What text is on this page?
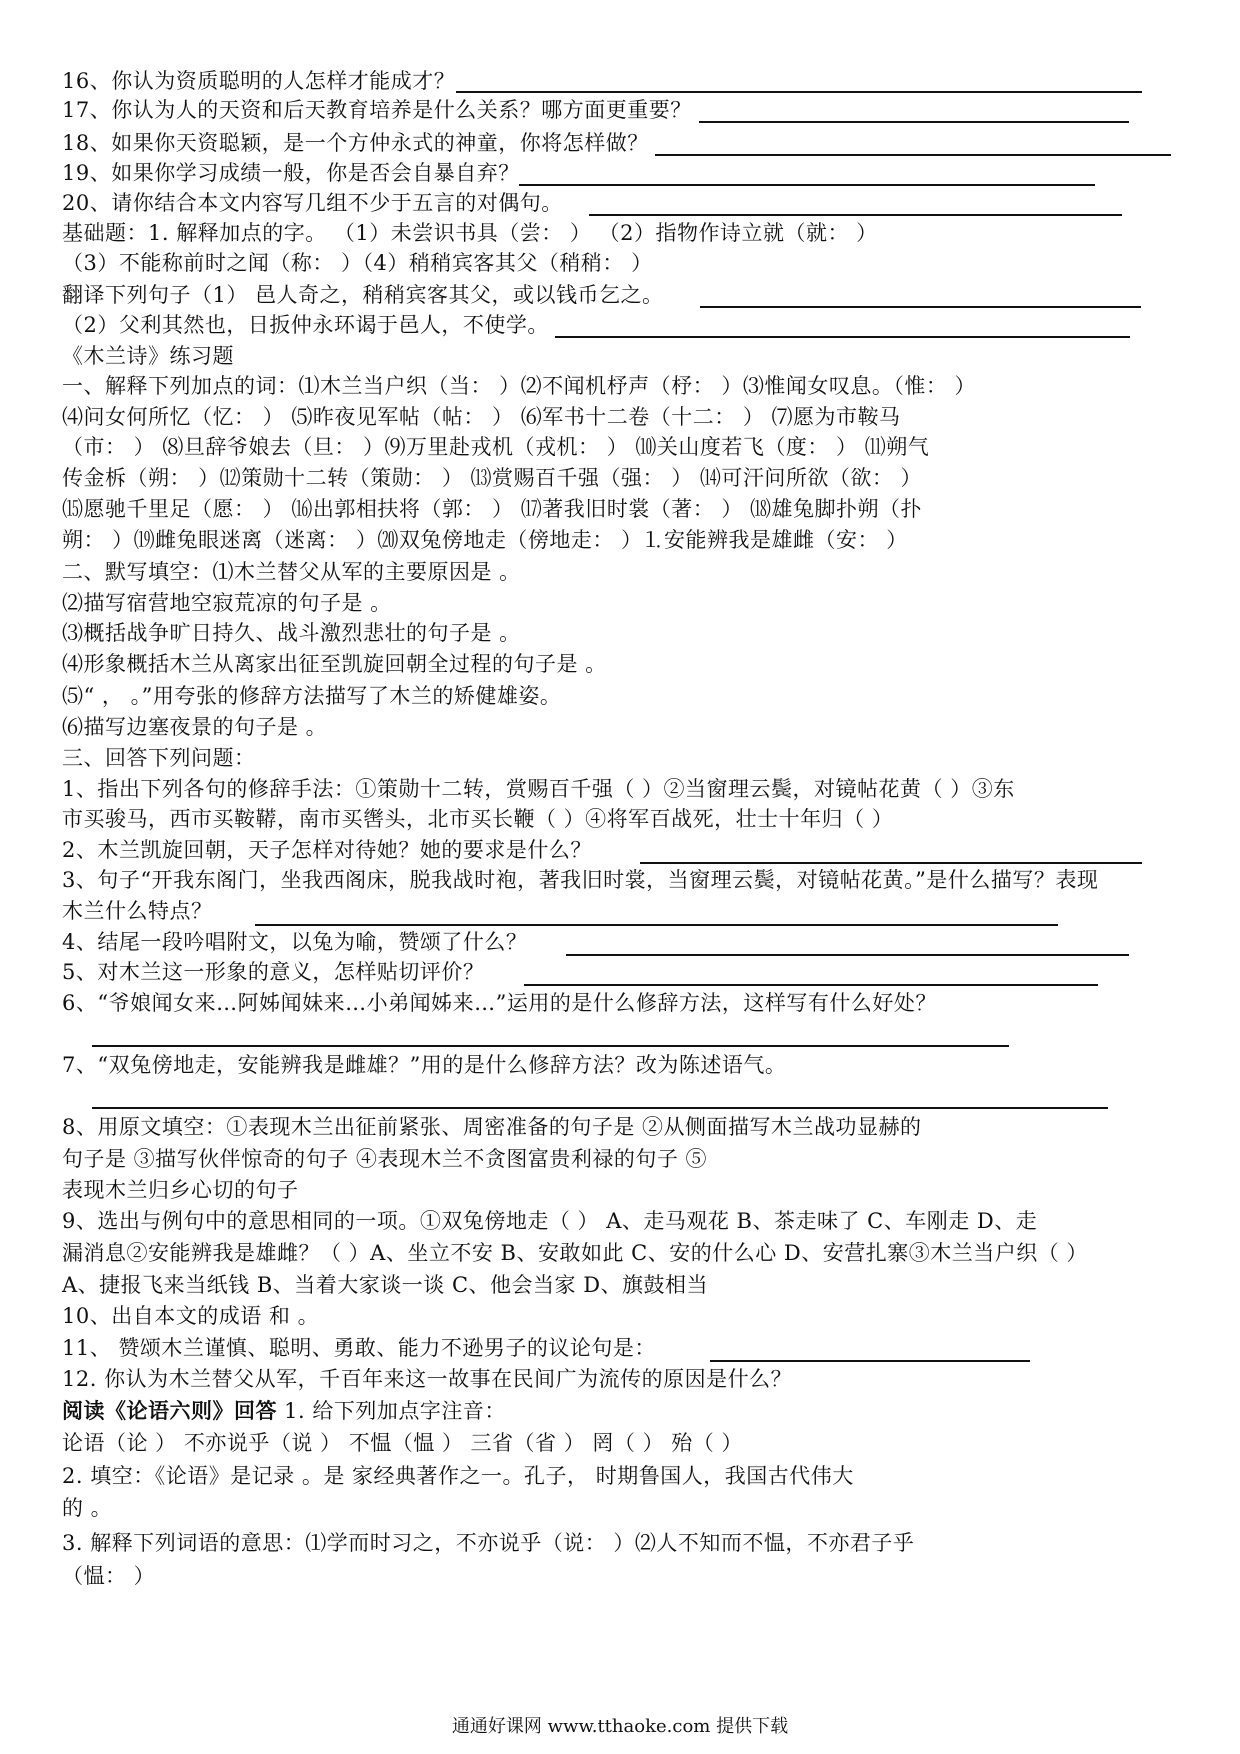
16、你认为资质聪明的人怎样才能成才？
17、你认为人的天资和后天教育培养是什么关系？哪方面更重要？
18、如果你天资聪颖，是一个方仲永式的神童，你将怎样做？
19、如果你学习成绩一般，你是否会自暴自弃？
20、请你结合本文内容写几组不少于五言的对偶句。
基础题：1. 解释加点的字。 （1）未尝识书具（尝： ） （2）指物作诗立就（就： ）
（3）不能称前时之闻（称： ）（4）稍稍宾客其父（稍稍： ）
翻译下列句子（1） 邑人奇之，稍稍宾客其父，或以钱币乞之。
（2）父利其然也，日扳仲永环谒于邑人，不使学。
《木兰诗》练习题
一、解释下列加点的词：⑴木兰当户织（当： ）⑵不闻机杼声（杼： ）⑶惟闻女叹息。（惟： ）
⑷问女何所忆（忆： ） ⑸昨夜见军帖（帖： ） ⑹军书十二卷（十二： ） ⑺愿为市鞍马
（市： ） ⑻旦辞爷娘去（旦： ）⑼万里赴戎机（戎机： ） ⑽关山度若飞（度： ） ⑾朔气
传金柝（朔： ）⑿策勋十二转（策勋： ） ⒀赏赐百千强（强： ） ⒁可汗问所欲（欲： ）
⒂愿驰千里足（愿： ） ⒃出郭相扶将（郭： ） ⒄著我旧时裳（著： ） ⒅雄兔脚扑朔（扑
朔： ）⒆雌兔眼迷离（迷离： ）⒇双兔傍地走（傍地走： ）⒈安能辨我是雄雌（安： ）
二、默写填空：⑴木兰替父从军的主要原因是 。
⑵描写宿营地空寂荒凉的句子是 。
⑶概括战争旷日持久、战斗激烈悲壮的句子是 。
⑷形象概括木兰从离家出征至凯旋回朝全过程的句子是 。
⑸“ ， 。”用夸张的修辞方法描写了木兰的矫健雄姿。
⑹描写边塞夜景的句子是 。
三、回答下列问题：
1、指出下列各句的修辞手法：①策勋十二转，赏赐百千强（ ）②当窗理云鬓，对镜帖花黄（ ）③东
市买骏马，西市买鞍鞯，南市买辔头，北市买长鞭（ ）④将军百战死，壮士十年归（ ）
2、木兰凯旋回朝，天子怎样对待她？她的要求是什么？
3、句子“开我东阁门，坐我西阁床，脱我战时袍，著我旧时裳，当窗理云鬓，对镜帖花黄。”是什么描写？表现
木兰什么特点？
4、结尾一段吟唱附文，以兔为喻，赞颂了什么？
5、对木兰这一形象的意义，怎样贴切评价？
6、“爷娘闻女来…阿姊闻妹来…小弟闻姊来…”运用的是什么修辞方法，这样写有什么好处？
7、“双兔傍地走，安能辨我是雌雄？”用的是什么修辞方法？改为陈述语气。
8、用原文填空：①表现木兰出征前紧张、周密准备的句子是 ②从侧面描写木兰战功显赫的
句子是 ③描写伙伴惊奇的句子 ④表现木兰不贪图富贵利禄的句子 ⑤
表现木兰归乡心切的句子
9、选出与例句中的意思相同的一项。①双兔傍地走（ ） A、走马观花 B、茶走味了 C、车刚走 D、走
漏消息②安能辨我是雄雌？（ ）A、坐立不安 B、安敢如此 C、安的什么心 D、安营扎寨③木兰当户织（ ）
A、捷报飞来当纸钱 B、当着大家谈一谈 C、他会当家 D、旗鼓相当
10、出自本文的成语 和 。
11、 赞颂木兰谨慎、聪明、勇敢、能力不逊男子的议论句是：
12. 你认为木兰替父从军，千百年来这一故事在民间广为流传的原因是什么？
阅读《论语六则》回答 1. 给下列加点字注音：
论语（论 ） 不亦说乎（说 ） 不愠（愠 ） 三省（省 ） 罔（ ） 殆（ ）
2. 填空：《论语》是记录 。是 家经典著作之一。孔子， 时期鲁国人，我国古代伟大
的 。
3. 解释下列词语的意思：⑴学而时习之，不亦说乎（说： ）⑵人不知而不愠，不亦君子乎
（愠： ）
通通好课网 www.tthaoke.com 提供下载
